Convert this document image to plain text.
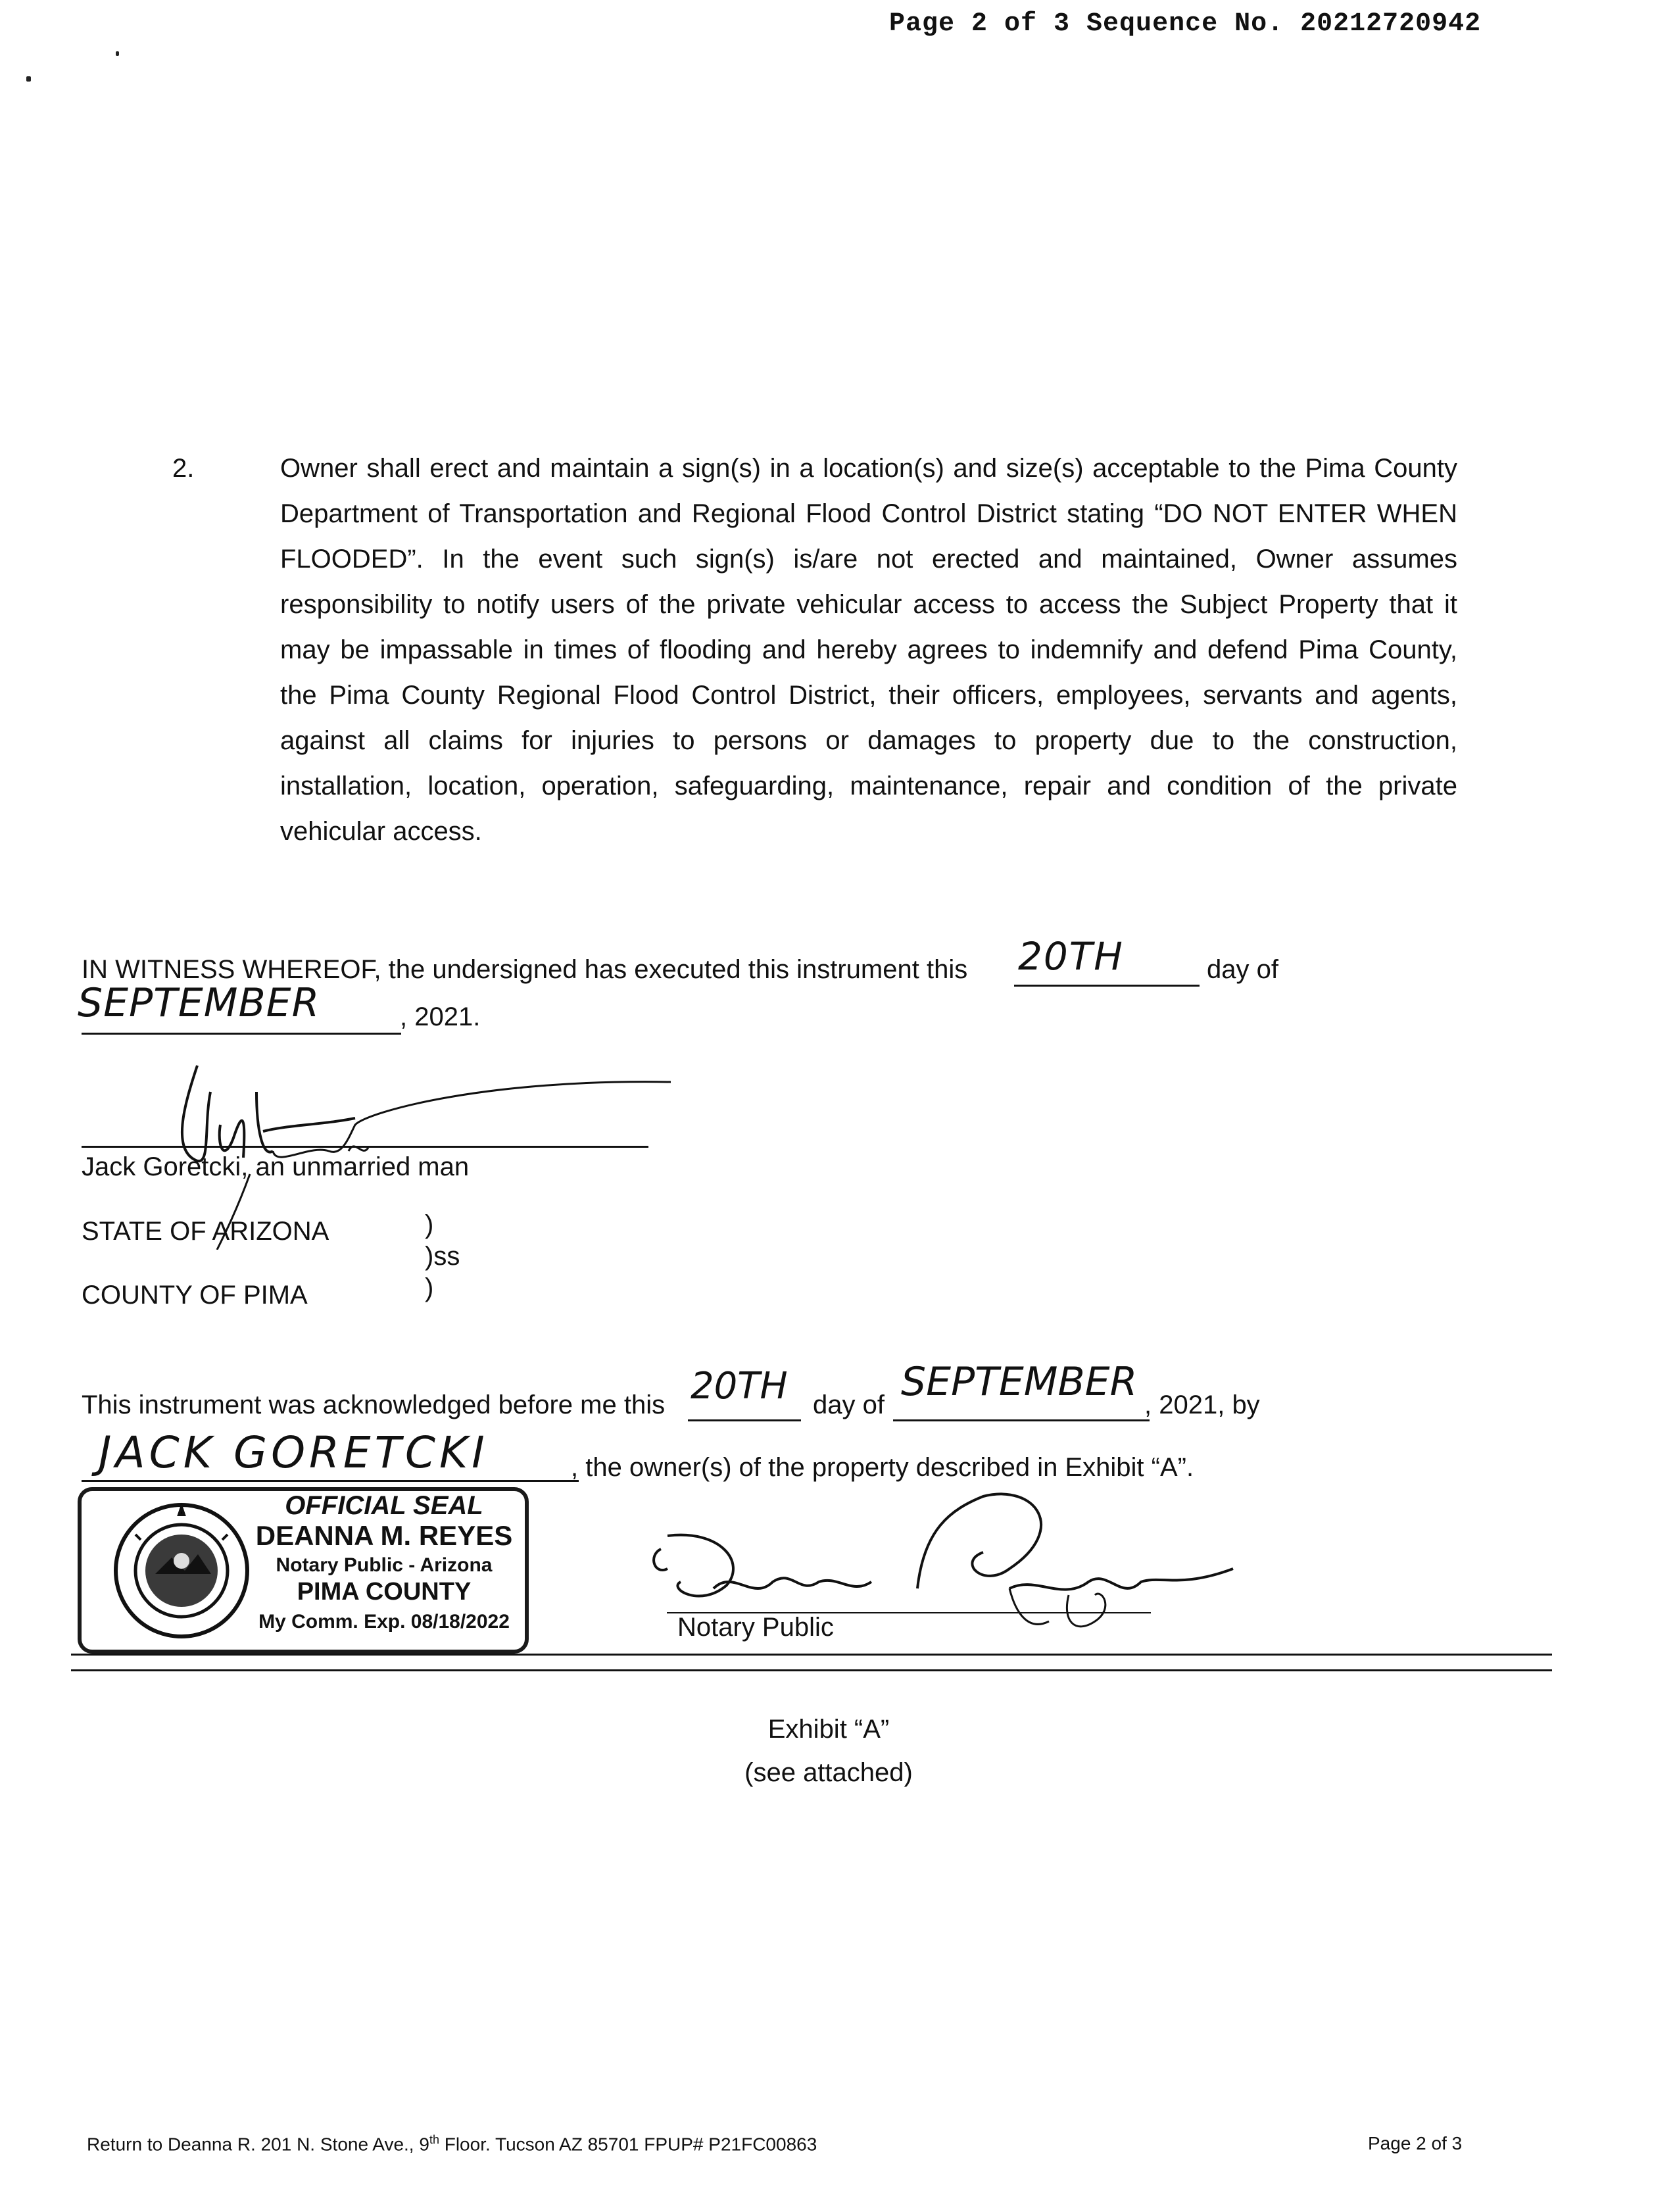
Page 2 of 3 Sequence No. 20212720942
2.	Owner shall erect and maintain a sign(s) in a location(s) and size(s) acceptable to the Pima County
Department of Transportation and Regional Flood Control District stating “DO NOT ENTER WHEN
FLOODED”. In the event such sign(s) is/are not erected and maintained, Owner assumes
responsibility to notify users of the private vehicular access to access the Subject Property that it
may be impassable in times of flooding and hereby agrees to indemnify and defend Pima County,
the Pima County Regional Flood Control District, their officers, employees, servants and agents,
against all claims for injuries to persons or damages to property due to the construction,
installation, location, operation, safeguarding, maintenance, repair and condition of the private
vehicular access.
IN WITNESS WHEREOF, the undersigned has executed this instrument this 20TH	day of
SEPTEMBER	, 2021.
Jack Goretcki, an unmarried man
STATE OF ARIZONA
COUNTY OF PIMA
)
)ss
)
This instrument was acknowledged before me this 20TH day of SEPTEMBER , 2021, by
JACK GORETCKI	, the owner(s) of the property described in Exhibit “A”.
OFFICIAL SEAL
DEANNA M. REYES
Notary Public - Arizona
PIMA COUNTY
My Comm. Exp. 08/18/2022	Notary Public
Exhibit “A”
(see attached)
Return to Deanna R. 201 N. Stone Ave., 9th Floor. Tucson AZ 85701 FPUP# P21FC00863	Page 2 of 3
